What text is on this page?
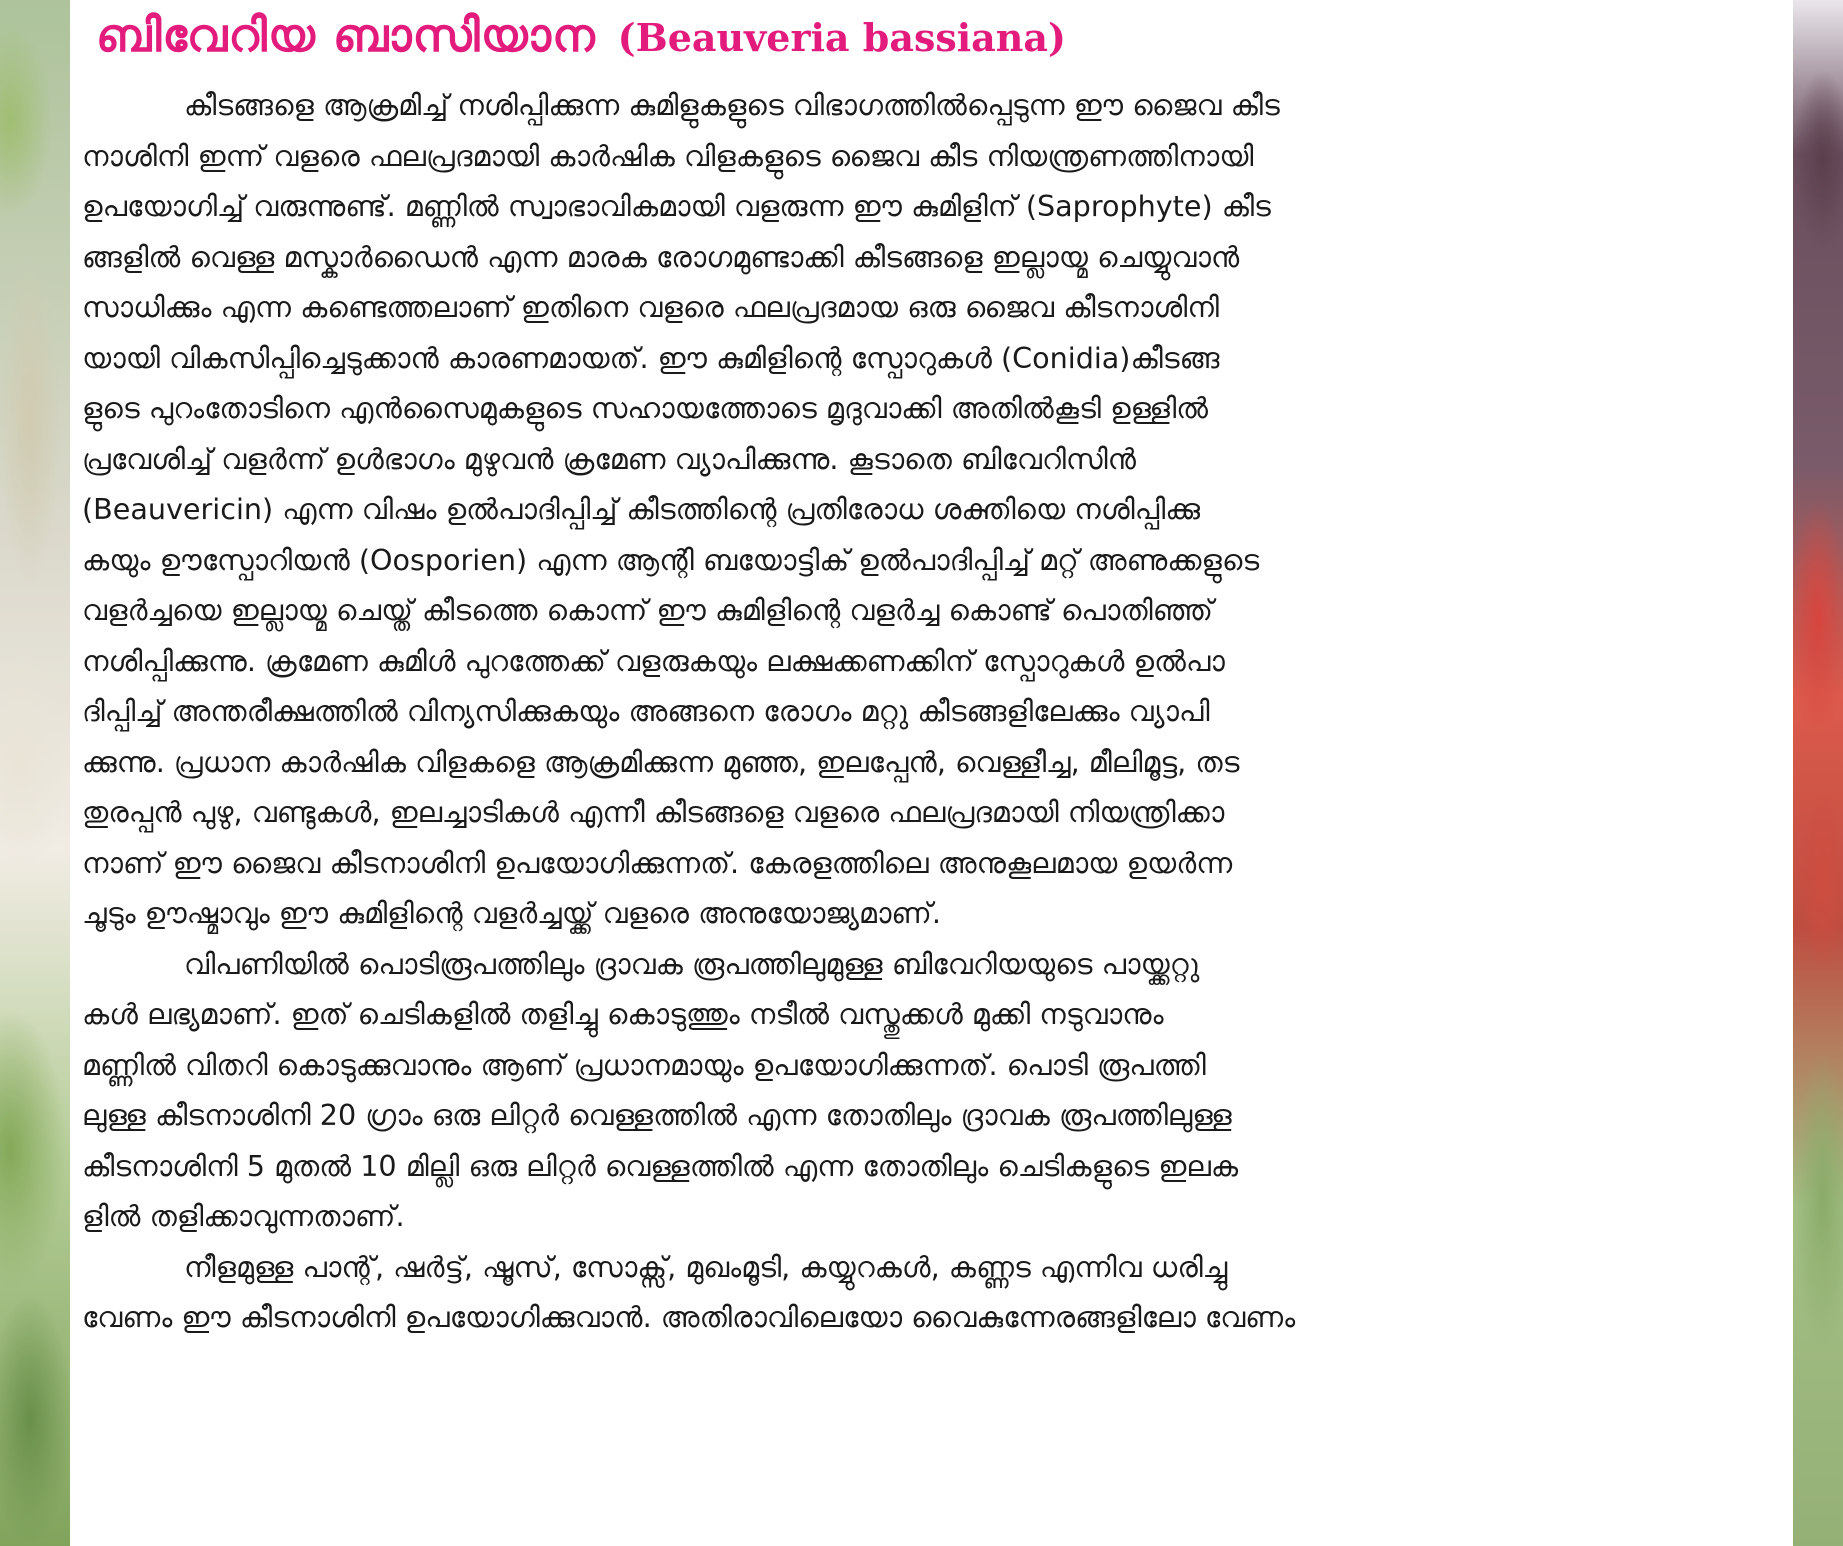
ബിവേറിയ ബാസിയാന (Beauveria bassiana)
കീടങ്ങളെ ആക്രമിച്ച് നശിപ്പിക്കുന്ന കുമിളുകളുടെ വിഭാഗത്തിൽപ്പെടുന്ന ഈ ജൈവ കീട
നാശിനി ഇന്ന് വളരെ ഫലപ്രദമായി കാർഷിക വിളകളുടെ ജൈവ കീട നിയന്ത്രണത്തിനായി
ഉപയോഗിച്ച് വരുന്നുണ്ട്. മണ്ണിൽ സ്വാഭാവികമായി വളരുന്ന ഈ കുമിളിന് (Saprophyte) കീട
ങ്ങളിൽ വെള്ള മസ്കാർഡൈൻ എന്ന മാരക രോഗമുണ്ടാക്കി കീടങ്ങളെ ഇല്ലായ്മ ചെയ്യുവാൻ
സാധിക്കും എന്ന കണ്ടെത്തലാണ് ഇതിനെ വളരെ ഫലപ്രദമായ ഒരു ജൈവ കീടനാശിനി
യായി വികസിപ്പിച്ചെടുക്കാൻ കാരണമായത്. ഈ കുമിളിന്റെ സ്പോറുകൾ (Conidia)കീടങ്ങ
ളുടെ പുറംതോടിനെ എൻസൈമുകളുടെ സഹായത്തോടെ മൃദുവാക്കി അതിൽകൂടി ഉള്ളിൽ
പ്രവേശിച്ച് വളർന്ന് ഉൾഭാഗം മുഴുവൻ ക്രമേണ വ്യാപിക്കുന്നു. കൂടാതെ ബിവേറിസിൻ
(Beauvericin) എന്ന വിഷം ഉൽപാദിപ്പിച്ച് കീടത്തിന്റെ പ്രതിരോധ ശക്തിയെ നശിപ്പിക്കു
കയും ഊസ്പോറിയൻ (Oosporien) എന്ന ആന്റി ബയോട്ടിക് ഉൽപാദിപ്പിച്ച് മറ്റ് അണുക്കളുടെ
വളർച്ചയെ ഇല്ലായ്മ ചെയ്ത് കീടത്തെ കൊന്ന് ഈ കുമിളിന്റെ വളർച്ച കൊണ്ട് പൊതിഞ്ഞ്
നശിപ്പിക്കുന്നു. ക്രമേണ കുമിൾ പുറത്തേക്ക് വളരുകയും ലക്ഷക്കണക്കിന് സ്പോറുകൾ ഉൽപാ
ദിപ്പിച്ച് അന്തരീക്ഷത്തിൽ വിന്യസിക്കുകയും അങ്ങനെ രോഗം മറ്റു കീടങ്ങളിലേക്കും വ്യാപി
ക്കുന്നു. പ്രധാന കാർഷിക വിളകളെ ആക്രമിക്കുന്ന മുഞ്ഞ, ഇലപ്പേൻ, വെള്ളീച്ച, മീലിമൂട്ട, തട
തുരപ്പൻ പുഴു, വണ്ടുകൾ, ഇലച്ചാടികൾ എന്നീ കീടങ്ങളെ വളരെ ഫലപ്രദമായി നിയന്ത്രിക്കാ
നാണ് ഈ ജൈവ കീടനാശിനി ഉപയോഗിക്കുന്നത്. കേരളത്തിലെ അനുകൂലമായ ഉയർന്ന
ചൂടും ഊഷ്മാവും ഈ കുമിളിന്റെ വളർച്ചയ്ക്ക് വളരെ അനുയോജ്യമാണ്.
വിപണിയിൽ പൊടിരൂപത്തിലും ദ്രാവക രൂപത്തിലുമുള്ള ബിവേറിയയുടെ പായ്ക്കറ്റു
കൾ ലഭ്യമാണ്. ഇത് ചെടികളിൽ തളിച്ചു കൊടുത്തും നടീൽ വസ്തുക്കൾ മുക്കി നടുവാനും
മണ്ണിൽ വിതറി കൊടുക്കുവാനും ആണ് പ്രധാനമായും ഉപയോഗിക്കുന്നത്. പൊടി രൂപത്തി
ലുള്ള കീടനാശിനി 20 ഗ്രാം ഒരു ലിറ്റർ വെള്ളത്തിൽ എന്ന തോതിലും ദ്രാവക രൂപത്തിലുള്ള
കീടനാശിനി 5 മുതൽ 10 മില്ലി ഒരു ലിറ്റർ വെള്ളത്തിൽ എന്ന തോതിലും ചെടികളുടെ ഇലക
ളിൽ തളിക്കാവുന്നതാണ്.
നീളമുള്ള പാന്റ്, ഷർട്ട്, ഷൂസ്, സോക്സ്, മുഖംമൂടി, കയ്യുറകൾ, കണ്ണട എന്നിവ ധരിച്ചു
വേണം ഈ കീടനാശിനി ഉപയോഗിക്കുവാൻ. അതിരാവിലെയോ വൈകുന്നേരങ്ങളിലോ വേണം
